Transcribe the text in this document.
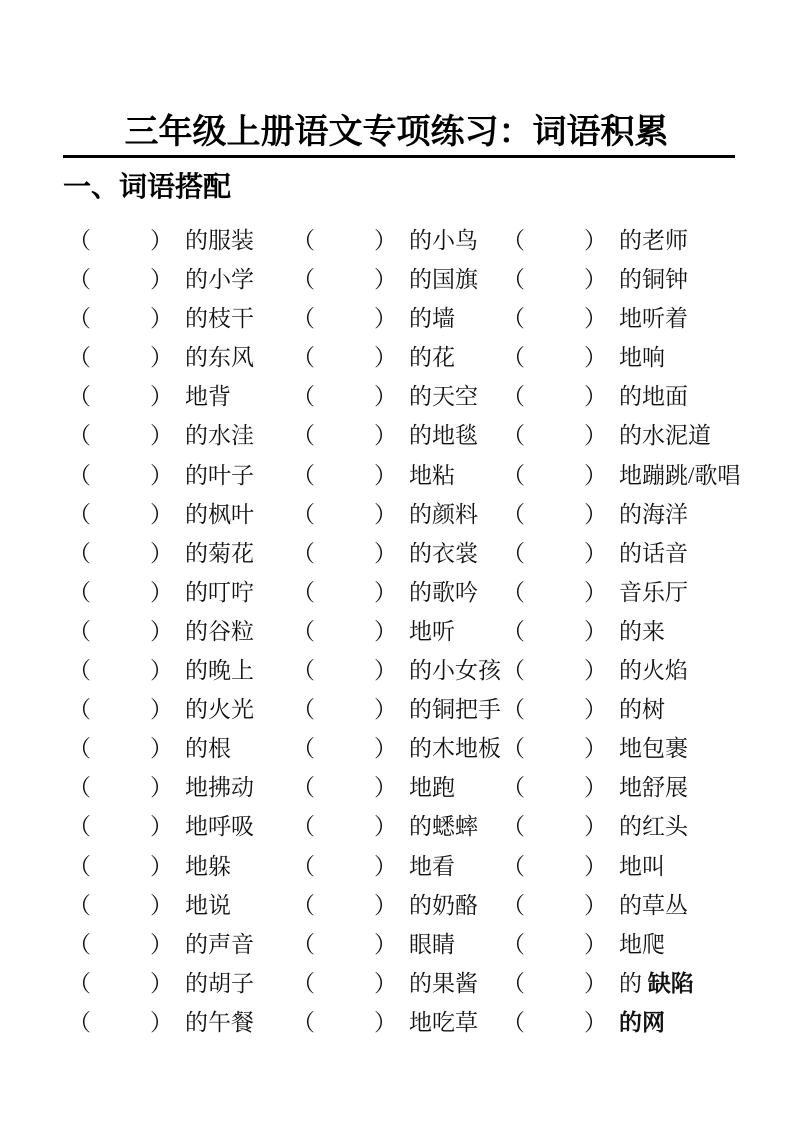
三年级上册语文专项练习：词语积累
一、词语搭配
（	） 的服装	（	） 的小鸟	（	） 的老师
（	） 的小学	（	） 的国旗	（	） 的铜钟
（	） 的枝干	（	） 的墙	（	） 地听着
（	） 的东风	（	） 的花	（	） 地响
（	） 地背	（	） 的天空	（	） 的地面
（	） 的水洼	（	） 的地毯	（	） 的水泥道
（	） 的叶子	（	） 地粘	（	） 地蹦跳/歌唱
（	） 的枫叶	（	） 的颜料	（	） 的海洋
（	） 的菊花	（	） 的衣裳	（	） 的话音
（	） 的叮咛	（	） 的歌吟	（	） 音乐厅
（	） 的谷粒	（	） 地听	（	） 的来
（	） 的晚上	（	） 的小女孩 （	） 的火焰
（	） 的火光	（	） 的铜把手 （	） 的树
（	） 的根	（	） 的木地板 （	） 地包裹
（	） 地拂动	（	） 地跑	（	） 地舒展
（	） 地呼吸	（	） 的蟋蟀	（	） 的红头
（	） 地躲	（	） 地看	（	） 地叫
（	） 地说	（	） 的奶酪	（	） 的草丛
（	） 的声音	（	） 眼睛	（	） 地爬
（	） 的胡子	（	） 的果酱	（	） 的 缺陷
（	） 的午餐	（	） 地吃草	（	） 的网
